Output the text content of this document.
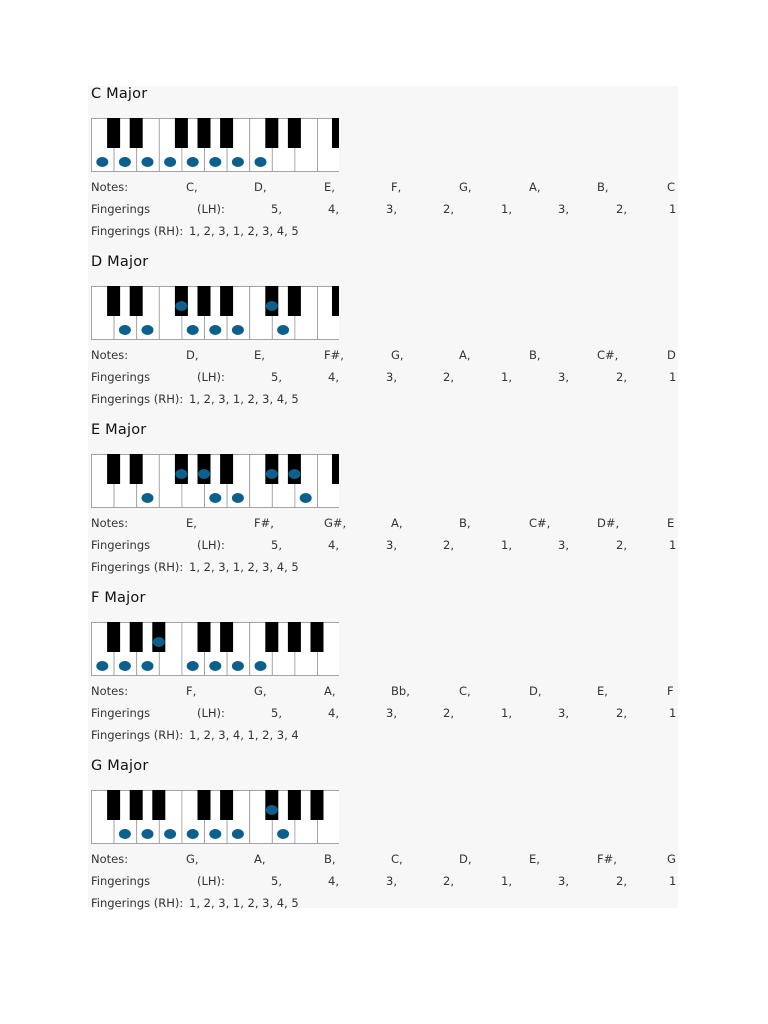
C Major
Notes:	C,	D,	E,	F,	G,	A,	B,	C
Fingerings	(LH):	5,	4,	3,	2,	1,	3,	2,	1
Fingerings (RH): 1, 2, 3, 1, 2, 3, 4, 5
D Major
Notes:	D,	E,	F#,	G,	A,	B,	C#,	D
Fingerings	(LH):	5,	4,	3,	2,	1,	3,	2,	1
Fingerings (RH): 1, 2, 3, 1, 2, 3, 4, 5
E Major
Notes:	E,	F#,	G#,	A,	B,	C#,	D#,	E
Fingerings	(LH):	5,	4,	3,	2,	1,	3,	2,	1
Fingerings (RH): 1, 2, 3, 1, 2, 3, 4, 5
F Major
Notes:	F,	G,	A,	Bb,	C,	D,	E,	F
Fingerings	(LH):	5,	4,	3,	2,	1,	3,	2,	1
Fingerings (RH): 1, 2, 3, 4, 1, 2, 3, 4
G Major
Notes:	G,	A,	B,	C,	D,	E,	F#,	G
Fingerings	(LH):	5,	4,	3,	2,	1,	3,	2,	1
Fingerings (RH): 1, 2, 3, 1, 2, 3, 4, 5
